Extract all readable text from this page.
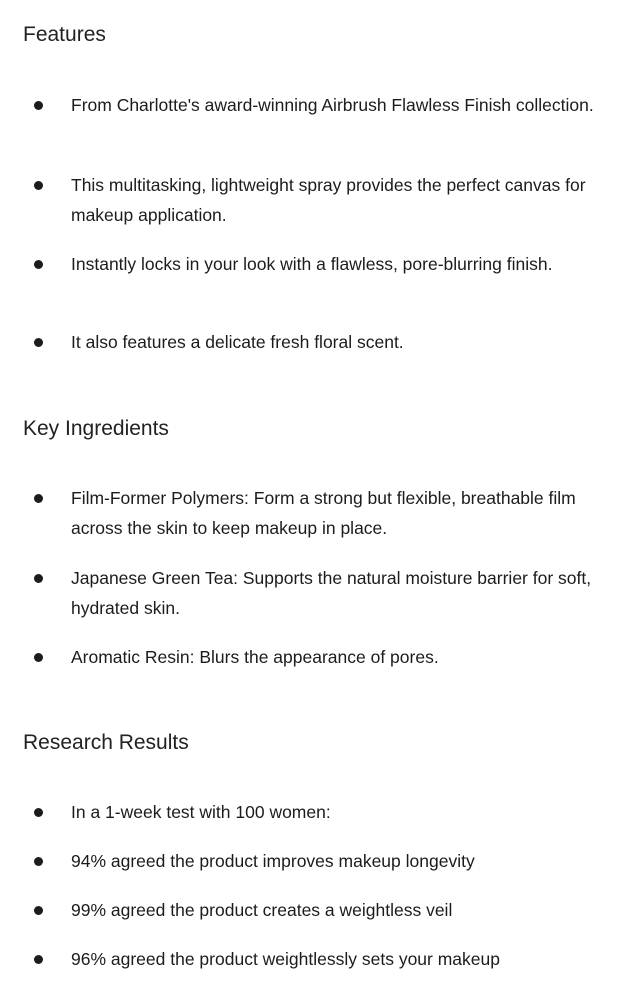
Features

From Charlotte's award-winning Airbrush Flawless Finish collection.

This multitasking, lightweight spray provides the perfect canvas for makeup application.

Instantly locks in your look with a flawless, pore-blurring finish.

It also features a delicate fresh floral scent.

Key Ingredients

Film-Former Polymers: Form a strong but flexible, breathable film across the skin to keep makeup in place.

Japanese Green Tea: Supports the natural moisture barrier for soft, hydrated skin.

Aromatic Resin: Blurs the appearance of pores.

Research Results

In a 1-week test with 100 women:

94% agreed the product improves makeup longevity

99% agreed the product creates a weightless veil

96% agreed the product weightlessly sets your makeup
